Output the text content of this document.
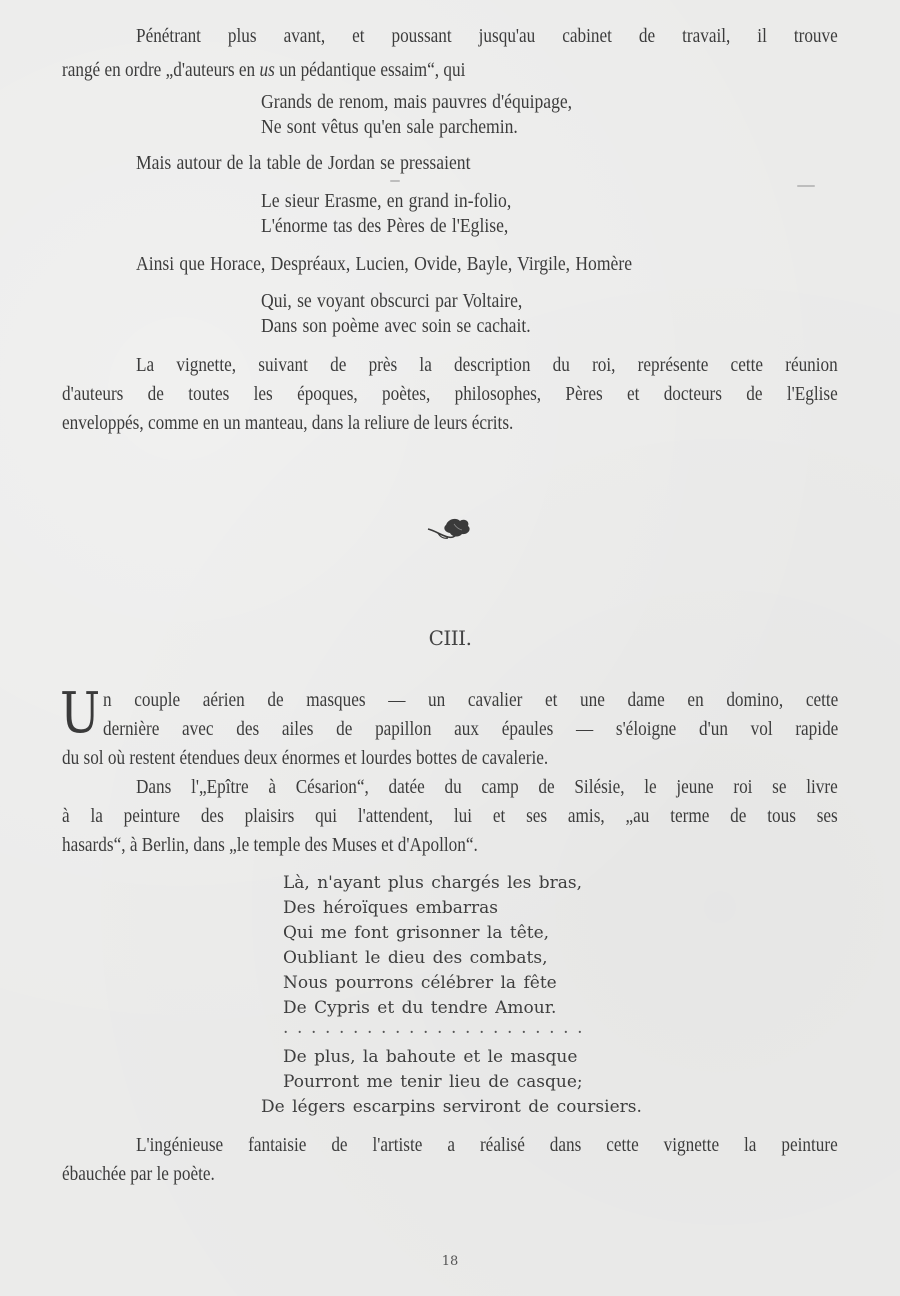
Pénétrant plus avant, et poussant jusqu'au cabinet de travail, il trouve
rangé en ordre „d'auteurs en us un pédantique essaim“, qui
Grands de renom, mais pauvres d'équipage,
Ne sont vêtus qu'en sale parchemin.
Mais autour de la table de Jordan se pressaient
Le sieur Erasme, en grand in-folio,
L'énorme tas des Pères de l'Eglise,
Ainsi que Horace, Despréaux, Lucien, Ovide, Bayle, Virgile, Homère
Qui, se voyant obscurci par Voltaire,
Dans son poème avec soin se cachait.
La vignette, suivant de près la description du roi, représente cette réunion
d'auteurs de toutes les époques, poètes, philosophes, Pères et docteurs de l'Eglise
enveloppés, comme en un manteau, dans la reliure de leurs écrits.
CIII.
U n couple aérien de masques — un cavalier et une dame en domino, cette
dernière avec des ailes de papillon aux épaules — s'éloigne d'un vol rapide
du sol où restent étendues deux énormes et lourdes bottes de cavalerie.
Dans l'„Epître à Césarion“, datée du camp de Silésie, le jeune roi se livre
à la peinture des plaisirs qui l'attendent, lui et ses amis, „au terme de tous ses
hasards“, à Berlin, dans „le temple des Muses et d'Apollon“.
Là, n'ayant plus chargés les bras,
Des héroïques embarras
Qui me font grisonner la tête,
Oubliant le dieu des combats,
Nous pourrons célébrer la fête
De Cypris et du tendre Amour.
......................
De plus, la bahoute et le masque
Pourront me tenir lieu de casque;
De légers escarpins serviront de coursiers.
L'ingénieuse fantaisie de l'artiste a réalisé dans cette vignette la peinture
ébauchée par le poète.
18
